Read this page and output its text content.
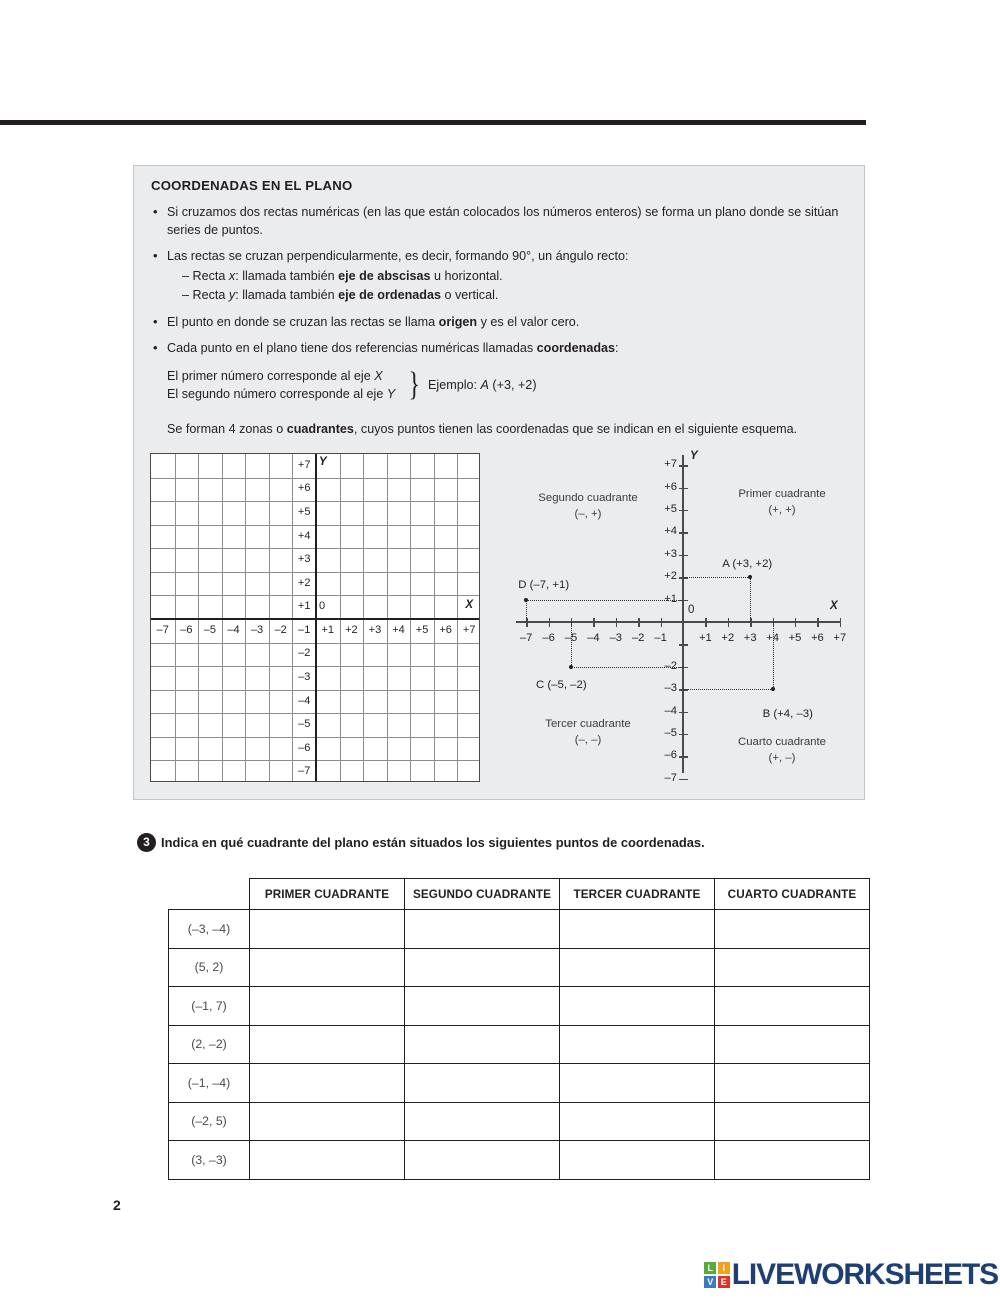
COORDENADAS EN EL PLANO
• Si cruzamos dos rectas numéricas (en las que están colocados los números enteros) se forma un plano donde se sitúan series de puntos.
• Las rectas se cruzan perpendicularmente, es decir, formando 90°, un ángulo recto:
– Recta x: llamada también eje de abscisas u horizontal.
– Recta y: llamada también eje de ordenadas o vertical.
• El punto en donde se cruzan las rectas se llama origen y es el valor cero.
• Cada punto en el plano tiene dos referencias numéricas llamadas coordenadas:
El primer número corresponde al eje X
El segundo número corresponde al eje Y } Ejemplo: A (+3, +2)
Se forman 4 zonas o cuadrantes, cuyos puntos tienen las coordenadas que se indican en el siguiente esquema.
+7
+6
+5
+4
+3
+2
+1
–2
–3
–4
–5
–6
–7
–7	–6	–5	–4	–3	–2	–1	+1	+2	+3	+4	+5	+6	+7
0
Y
X
Y
X
0
–7 –6 –5 –4 –3 –2 –1	+1 +2 +3 +4 +5 +6 +7
+7
+6
+5
+4
+3
+2
+1
–2
–3
–4
–5
–6
–7
A (+3, +2)
B (+4, –3)
C (–5, –2)
D (–7, +1)
Primer cuadrante
(+, +)
Segundo cuadrante
(–, +)
Tercer cuadrante
(–, –)	Cuarto cuadrante
(+, –)
3 Indica en qué cuadrante del plano están situados los siguientes puntos de coordenadas.
	PRIMER CUADRANTE	SEGUNDO CUADRANTE	TERCER CUADRANTE	CUARTO CUADRANTE
(–3, –4)				
(5, 2)				
(–1, 7)				
(2, –2)				
(–1, –4)				
(–2, 5)				
(3, –3)				
2
L	I
V E LIVEWORKSHEETS
